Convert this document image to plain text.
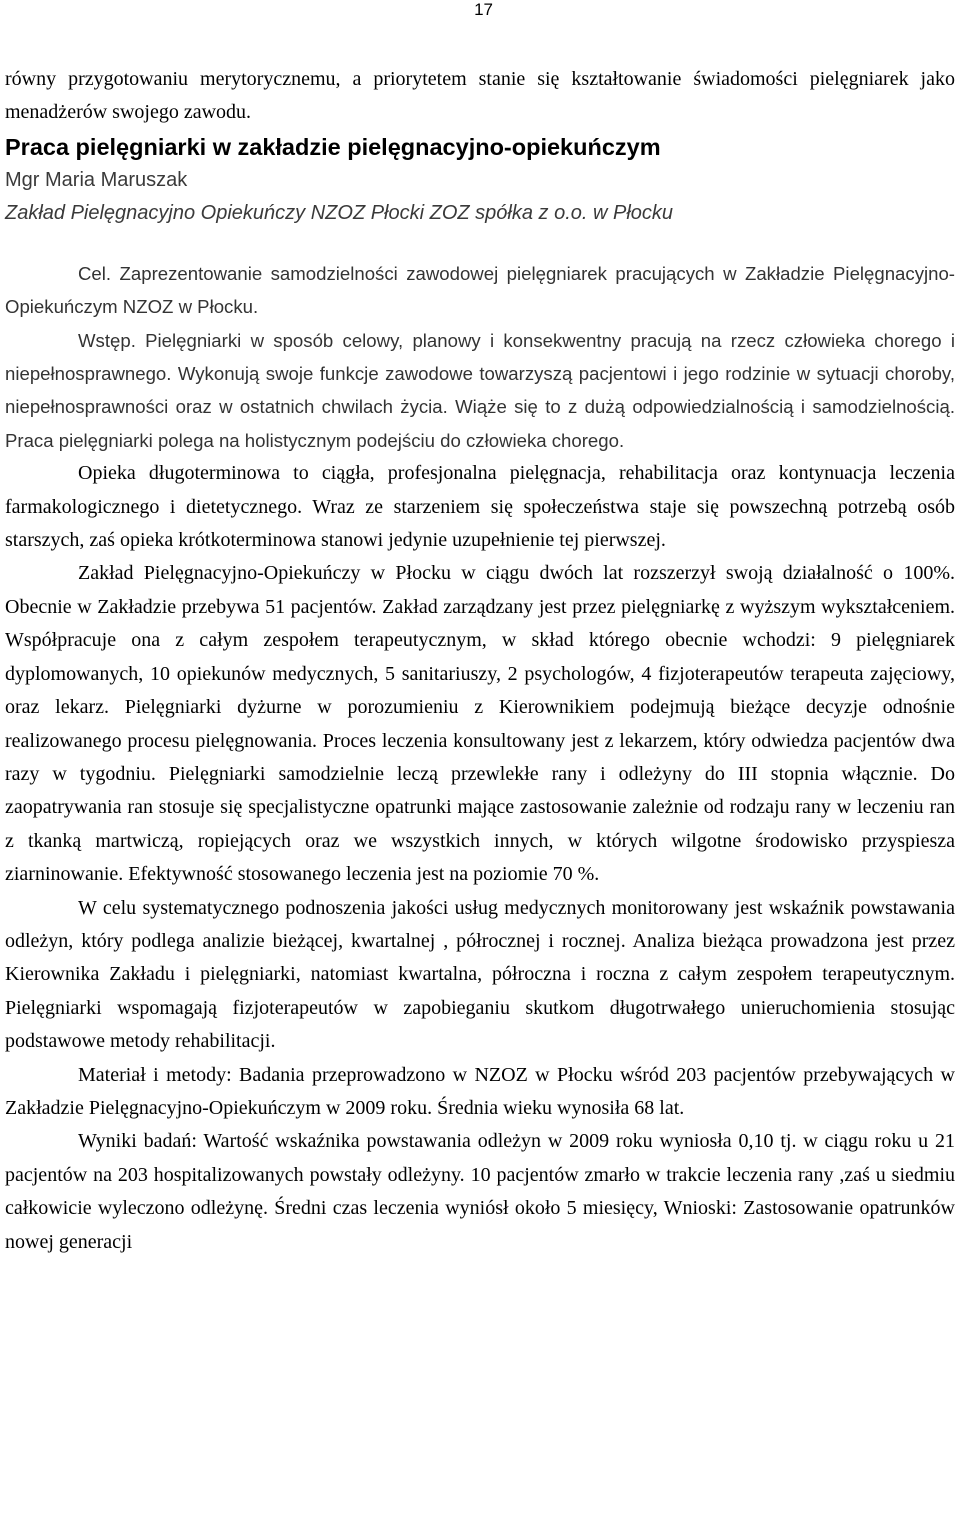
17

równy przygotowaniu merytorycznemu, a priorytetem stanie się kształtowanie świadomości pielęgniarek jako menadżerów swojego zawodu.

Praca pielęgniarki w zakładzie pielęgnacyjno-opiekuńczym

Mgr Maria Maruszak

Zakład Pielęgnacyjno Opiekuńczy NZOZ Płocki ZOZ spółka z o.o. w Płocku

Cel. Zaprezentowanie samodzielności zawodowej pielęgniarek pracujących w Zakładzie Pielęgnacyjno-Opiekuńczym NZOZ w Płocku.

Wstęp. Pielęgniarki w sposób celowy, planowy i konsekwentny pracują na rzecz człowieka chorego i niepełnosprawnego. Wykonują swoje funkcje zawodowe towarzyszą pacjentowi i jego rodzinie w sytuacji choroby, niepełnosprawności oraz w ostatnich chwilach życia. Wiąże się to z dużą odpowiedzialnością i samodzielnością. Praca pielęgniarki polega na holistycznym podejściu do człowieka chorego.

Opieka długoterminowa to ciągła, profesjonalna pielęgnacja, rehabilitacja oraz kontynuacja leczenia farmakologicznego i dietetycznego. Wraz ze starzeniem się społeczeństwa staje się powszechną potrzebą osób starszych, zaś opieka krótkoterminowa stanowi jedynie uzupełnienie tej pierwszej.

Zakład Pielęgnacyjno-Opiekuńczy w Płocku w ciągu dwóch lat rozszerzył swoją działalność o 100%. Obecnie w Zakładzie przebywa 51 pacjentów. Zakład zarządzany jest przez pielęgniarkę z wyższym wykształceniem. Współpracuje ona z całym zespołem terapeutycznym, w skład którego obecnie wchodzi: 9 pielęgniarek dyplomowanych, 10 opiekunów medycznych, 5 sanitariuszy, 2 psychologów, 4 fizjoterapeutów terapeuta zajęciowy, oraz lekarz. Pielęgniarki dyżurne w porozumieniu z Kierownikiem podejmują bieżące decyzje odnośnie realizowanego procesu pielęgnowania. Proces leczenia konsultowany jest z lekarzem, który odwiedza pacjentów dwa razy w tygodniu. Pielęgniarki samodzielnie leczą przewlekłe rany i odleżyny do III stopnia włącznie. Do zaopatrywania ran stosuje się specjalistyczne opatrunki mające zastosowanie zależnie od rodzaju rany w leczeniu ran z tkanką martwiczą, ropiejących oraz we wszystkich innych, w których wilgotne środowisko przyspiesza ziarninowanie. Efektywność stosowanego leczenia jest na poziomie 70 %.

W celu systematycznego podnoszenia jakości usług medycznych monitorowany jest wskaźnik powstawania odleżyn, który podlega analizie bieżącej, kwartalnej , półrocznej i rocznej. Analiza bieżąca prowadzona jest przez Kierownika Zakładu i pielęgniarki, natomiast kwartalna, półroczna i roczna z całym zespołem terapeutycznym. Pielęgniarki wspomagają fizjoterapeutów w zapobieganiu skutkom długotrwałego unieruchomienia stosując podstawowe metody rehabilitacji.

Materiał i metody: Badania przeprowadzono w NZOZ w Płocku wśród 203 pacjentów przebywających w Zakładzie Pielęgnacyjno-Opiekuńczym w 2009 roku. Średnia wieku wynosiła 68 lat.

Wyniki badań: Wartość wskaźnika powstawania odleżyn w 2009 roku wyniosła 0,10 tj. w ciągu roku u 21 pacjentów na 203 hospitalizowanych powstały odleżyny. 10 pacjentów zmarło w trakcie leczenia rany ,zaś u siedmiu całkowicie wyleczono odleżynę. Średni czas leczenia wyniósł około 5 miesięcy, Wnioski: Zastosowanie opatrunków nowej generacji
